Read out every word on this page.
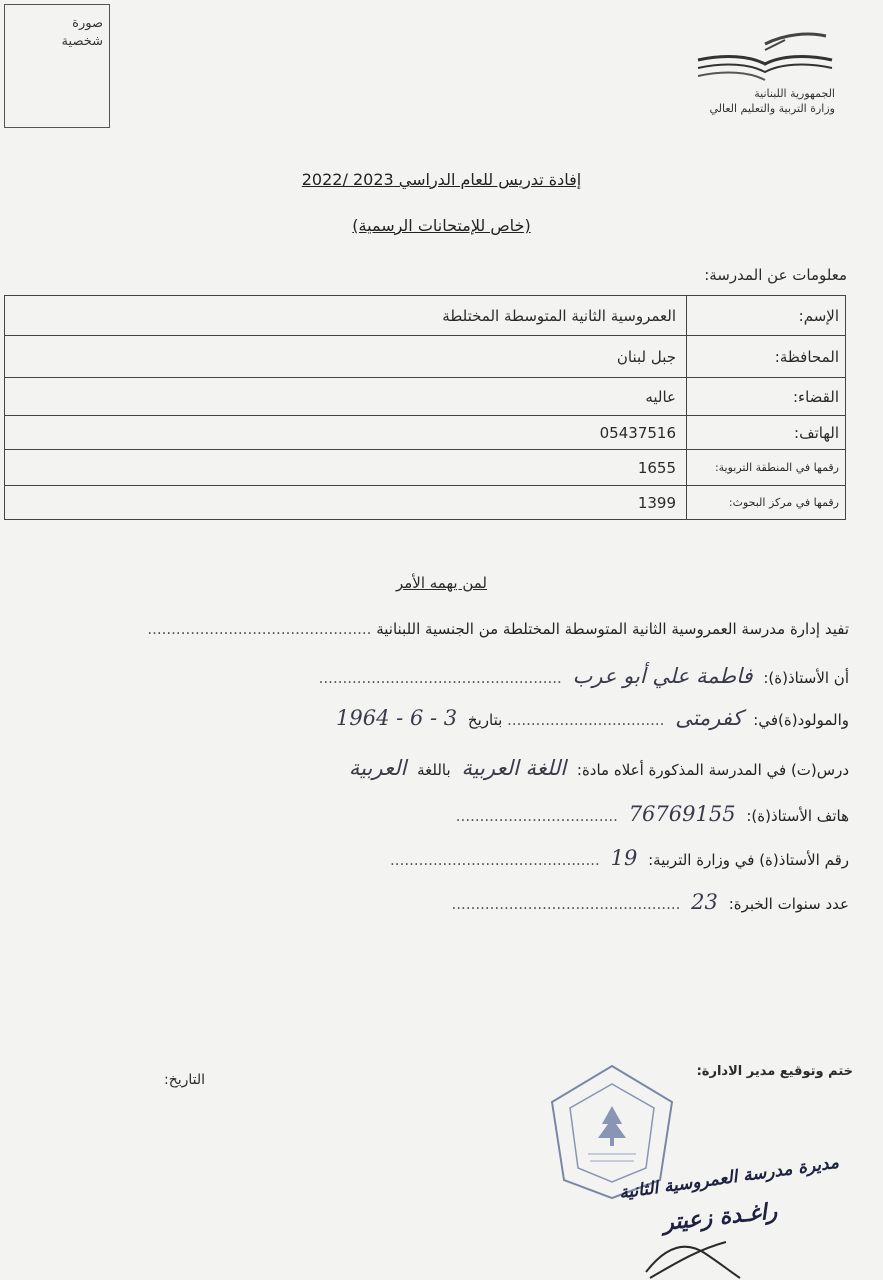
صورة
شخصية
الجمهورية اللبنانية
وزارة التربية والتعليم العالي
إفادة تدريس للعام الدراسي 2023 /2022
(خاص للإمتحانات الرسمية)
معلومات عن المدرسة:
الإسم:	العمروسية الثانية المتوسطة المختلطة
المحافظة:	جبل لبنان
القضاء:	عاليه
الهاتف:	05437516
رقمها في المنطقة التربوية:	1655
رقمها في مركز البحوث:	1399
لمن يهمه الأمر
تفيد إدارة مدرسة العمروسية الثانية المتوسطة المختلطة من الجنسية اللبنانية ...............................................
أن الأستاذ(ة): فاطمة علي أبو عرب ...................................................
والمولود(ة)في: كفرمتى ................................. بتاريخ 3 - 6 - 1964
درس(ت) في المدرسة المذكورة أعلاه مادة: اللغة العربية باللغة العربية
هاتف الأستاذ(ة): 76769155 ..................................
رقم الأستاذ(ة) في وزارة التربية: 19 ............................................
عدد سنوات الخبرة: 23 ................................................
ختم وتوقيع مدير الادارة:
التاريخ:
مديرة مدرسة العمروسية الثانية
راغـدة زعيتر
